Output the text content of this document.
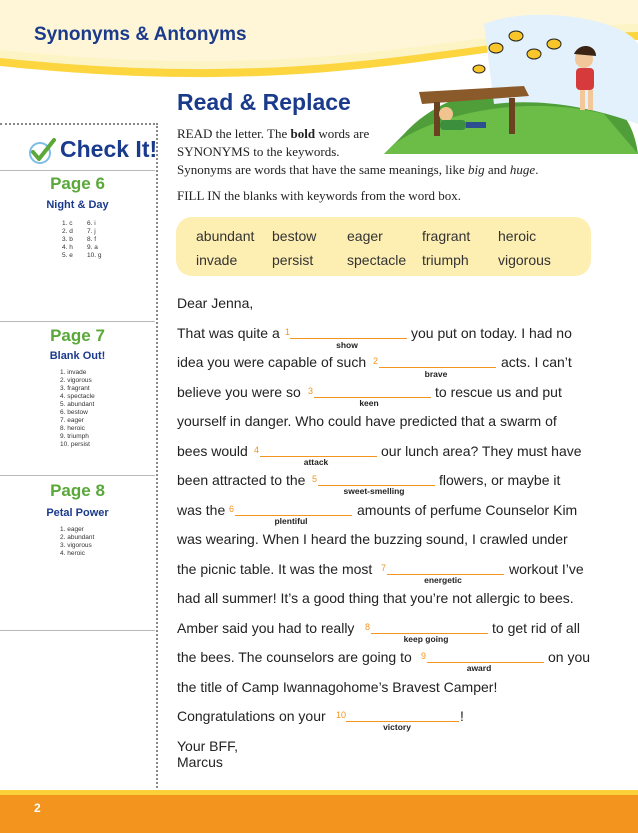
Synonyms & Antonyms
Check It!
Page 6
Night & Day
1. c
2. d
3. b
4. h
5. e
6. i
7. j
8. f
9. a
10. g
Page 7
Blank Out!
1. invade
2. vigorous
3. fragrant
4. spectacle
5. abundant
6. bestow
7. eager
8. heroic
9. triumph
10. persist
Page 8
Petal Power
1. eager
2. abundant
3. vigorous
4. heroic
Read & Replace
READ the letter. The bold words are
SYNONYMS to the keywords.
Synonyms are words that have the same meanings, like big and huge.
FILL IN the blanks with keywords from the word box.
abundant bestow eager	fragrant heroic
invade persist spectacle triumph vigorous
Dear Jenna,
That was quite a 1
show
you put on today. I had no
idea you were capable of such 2
brave
acts. I can’t
believe you were so 3
keen
to rescue us and put
yourself in danger. Who could have predicted that a swarm of
bees would 4
attack
our lunch area? They must have
been attracted to the 5
sweet-smelling
flowers, or maybe it
was the 6
plentiful
amounts of perfume Counselor Kim
was wearing. When I heard the buzzing sound, I crawled under
the picnic table. It was the most 7
energetic
workout I’ve
had all summer! It’s a good thing that you’re not allergic to bees.
Amber said you had to really 8
keep going
to get rid of all
the bees. The counselors are going to 9
award
on you
the title of Camp Iwannagohome’s Bravest Camper!
Congratulations on your 10
victory
!
Your BFF,
Marcus
2
